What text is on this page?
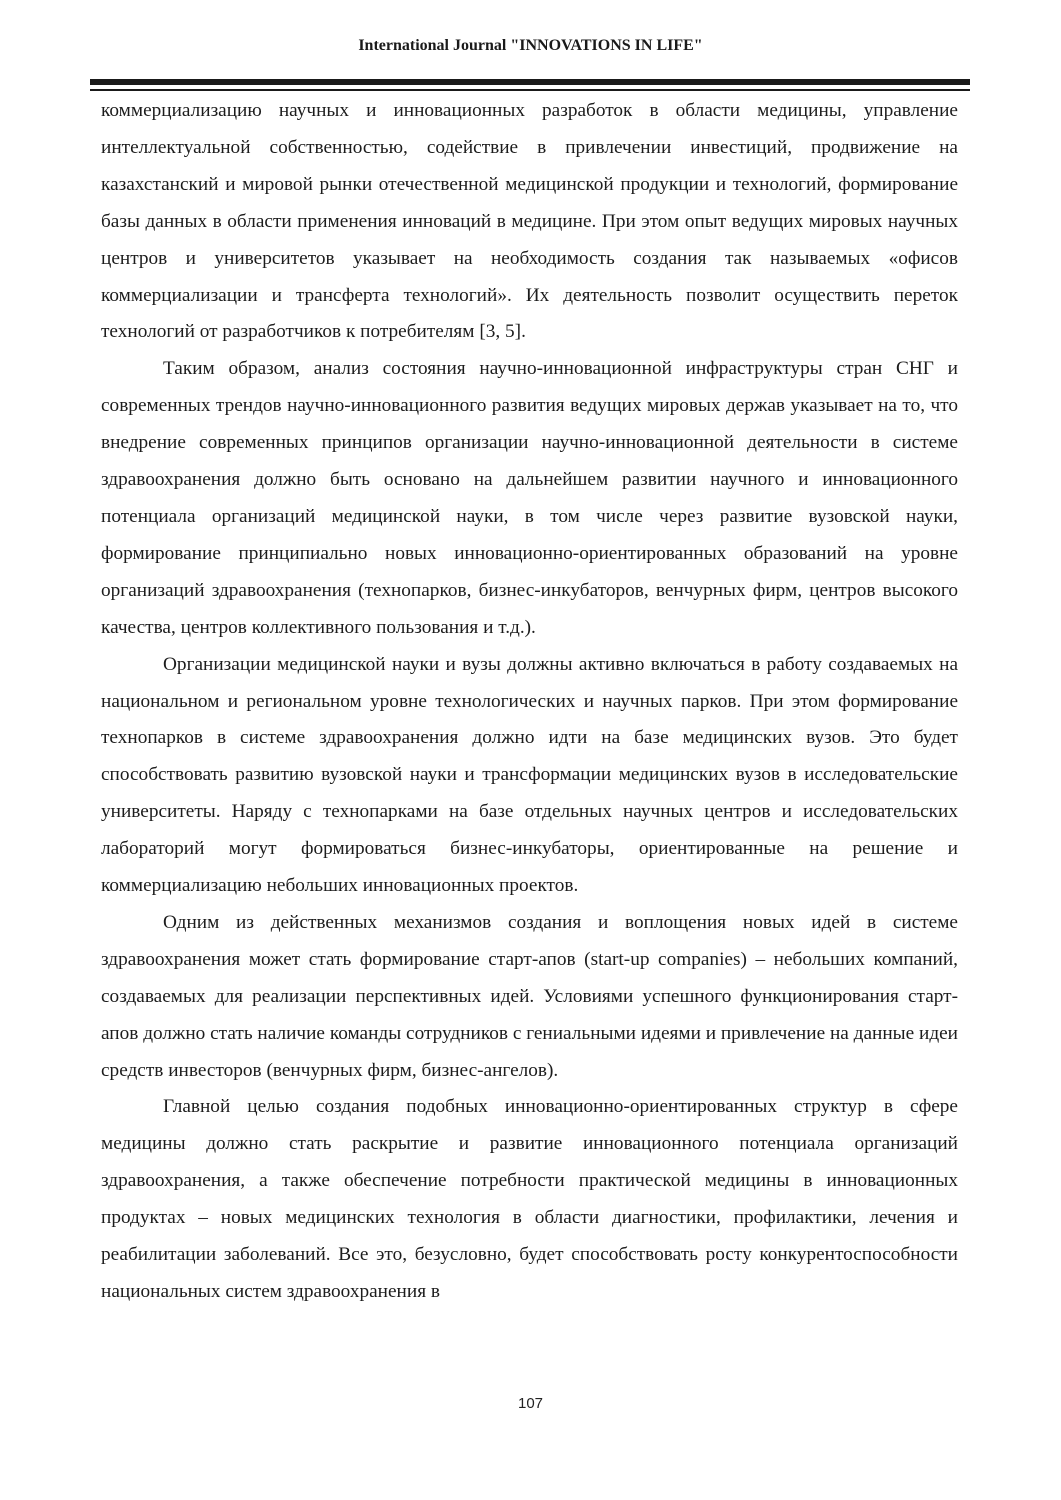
International Journal "INNOVATIONS IN LIFE"

коммерциализацию научных и инновационных разработок в области медицины, управление интеллектуальной собственностью, содействие в привлечении инвестиций, продвижение на казахстанский и мировой рынки отечественной медицинской продукции и технологий, формирование базы данных в области применения инноваций в медицине. При этом опыт ведущих мировых научных центров и университетов указывает на необходимость создания так называемых «офисов коммерциализации и трансферта технологий». Их деятельность позволит осуществить переток технологий от разработчиков к потребителям [3, 5].

Таким образом, анализ состояния научно-инновационной инфраструктуры стран СНГ и современных трендов научно-инновационного развития ведущих мировых держав указывает на то, что внедрение современных принципов организации научно-инновационной деятельности в системе здравоохранения должно быть основано на дальнейшем развитии научного и инновационного потенциала организаций медицинской науки, в том числе через развитие вузовской науки, формирование принципиально новых инновационно-ориентированных образований на уровне организаций здравоохранения (технопарков, бизнес-инкубаторов, венчурных фирм, центров высокого качества, центров коллективного пользования и т.д.).

Организации медицинской науки и вузы должны активно включаться в работу создаваемых на национальном и региональном уровне технологических и научных парков. При этом формирование технопарков в системе здравоохранения должно идти на базе медицинских вузов. Это будет способствовать развитию вузовской науки и трансформации медицинских вузов в исследовательские университеты. Наряду с технопарками на базе отдельных научных центров и исследовательских лабораторий могут формироваться бизнес-инкубаторы, ориентированные на решение и коммерциализацию небольших инновационных проектов.

Одним из действенных механизмов создания и воплощения новых идей в системе здравоохранения может стать формирование старт-апов (start-up companies) – небольших компаний, создаваемых для реализации перспективных идей. Условиями успешного функционирования старт-апов должно стать наличие команды сотрудников с гениальными идеями и привлечение на данные идеи средств инвесторов (венчурных фирм, бизнес-ангелов).

Главной целью создания подобных инновационно-ориентированных структур в сфере медицины должно стать раскрытие и развитие инновационного потенциала организаций здравоохранения, а также обеспечение потребности практической медицины в инновационных продуктах – новых медицинских технология в области диагностики, профилактики, лечения и реабилитации заболеваний. Все это, безусловно, будет способствовать росту конкурентоспособности национальных систем здравоохранения в

107
